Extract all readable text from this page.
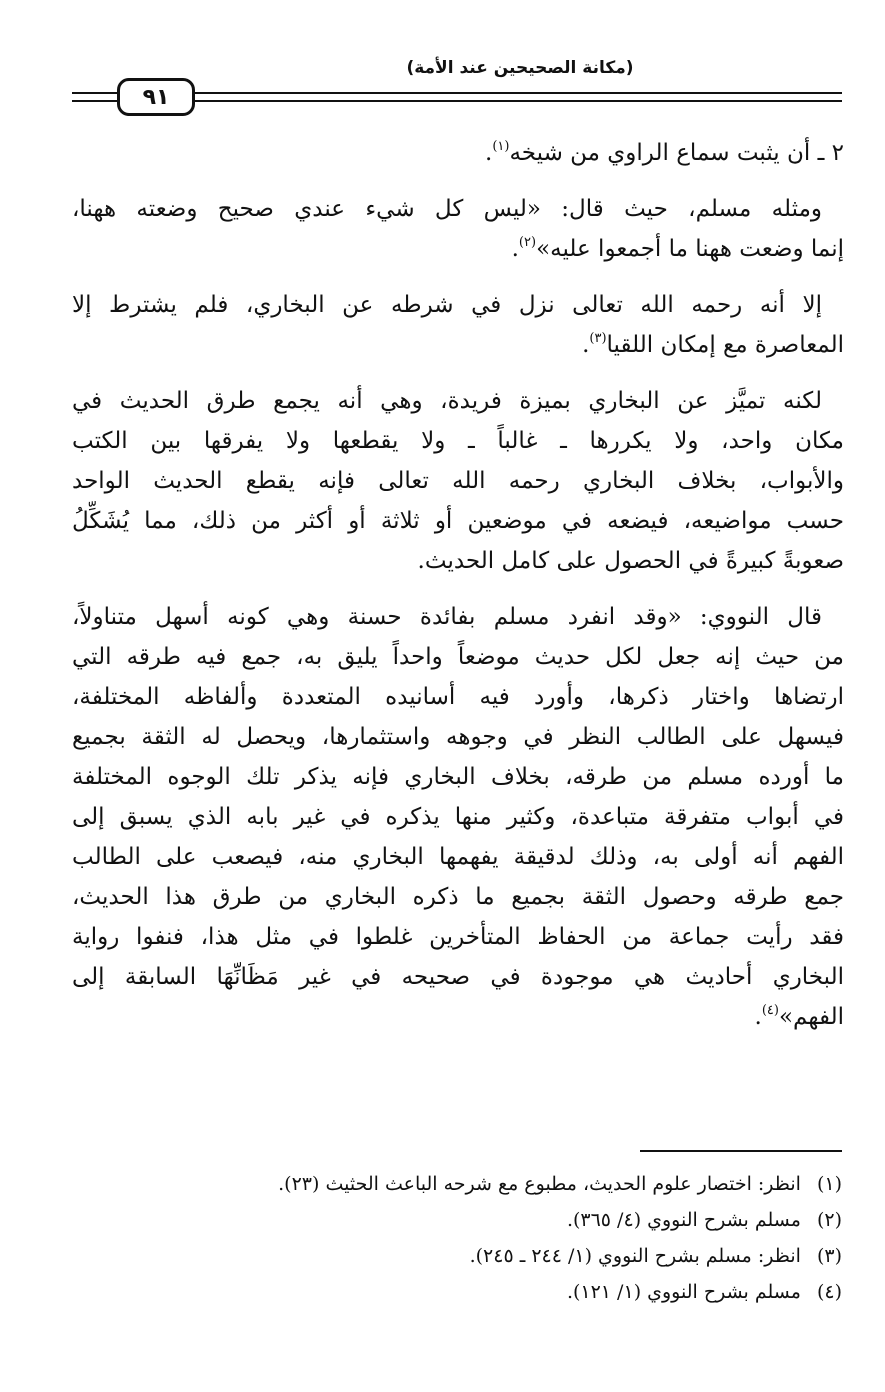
(مكانة الصحيحين عند الأمة)
٩١
٢ ـ أن يثبت سماع الراوي من شيخه$^{(١)}$.
ومثله مسلم، حيث قال: «ليس كل شيء عندي صحيح وضعته ههنا،
إنما وضعت ههنا ما أجمعوا عليه»$^{(٢)}$.
إلا أنه رحمه الله تعالى نزل في شرطه عن البخاري، فلم يشترط إلا
المعاصرة مع إمكان اللقيا$^{(٣)}$.
لكنه تميَّز عن البخاري بميزة فريدة، وهي أنه يجمع طرق الحديث في
مكان واحد، ولا يكررها ـ غالباً ـ ولا يقطعها ولا يفرقها بين الكتب
والأبواب، بخلاف البخاري رحمه الله تعالى فإنه يقطع الحديث الواحد
حسب مواضيعه، فيضعه في موضعين أو ثلاثة أو أكثر من ذلك، مما يُشَكِّلُ
صعوبةً كبيرةً في الحصول على كامل الحديث.
قال النووي: «وقد انفرد مسلم بفائدة حسنة وهي كونه أسهل متناولاً،
من حيث إنه جعل لكل حديث موضعاً واحداً يليق به، جمع فيه طرقه التي
ارتضاها واختار ذكرها، وأورد فيه أسانيده المتعددة وألفاظه المختلفة،
فيسهل على الطالب النظر في وجوهه واستثمارها، ويحصل له الثقة بجميع
ما أورده مسلم من طرقه، بخلاف البخاري فإنه يذكر تلك الوجوه المختلفة
في أبواب متفرقة متباعدة، وكثير منها يذكره في غير بابه الذي يسبق إلى
الفهم أنه أولى به، وذلك لدقيقة يفهمها البخاري منه، فيصعب على الطالب
جمع طرقه وحصول الثقة بجميع ما ذكره البخاري من طرق هذا الحديث،
فقد رأيت جماعة من الحفاظ المتأخرين غلطوا في مثل هذا، فنفوا رواية
البخاري أحاديث هي موجودة في صحيحه في غير مَظَانِّهَا السابقة إلى
الفهم»$^{(٤)}$.
(١)انظر: اختصار علوم الحديث، مطبوع مع شرحه الباعث الحثيث (٢٣).
(٢)مسلم بشرح النووي (٤/ ٣٦٥).
(٣)انظر: مسلم بشرح النووي (١/ ٢٤٤ ـ ٢٤٥).
(٤)مسلم بشرح النووي (١/ ١٢١).
